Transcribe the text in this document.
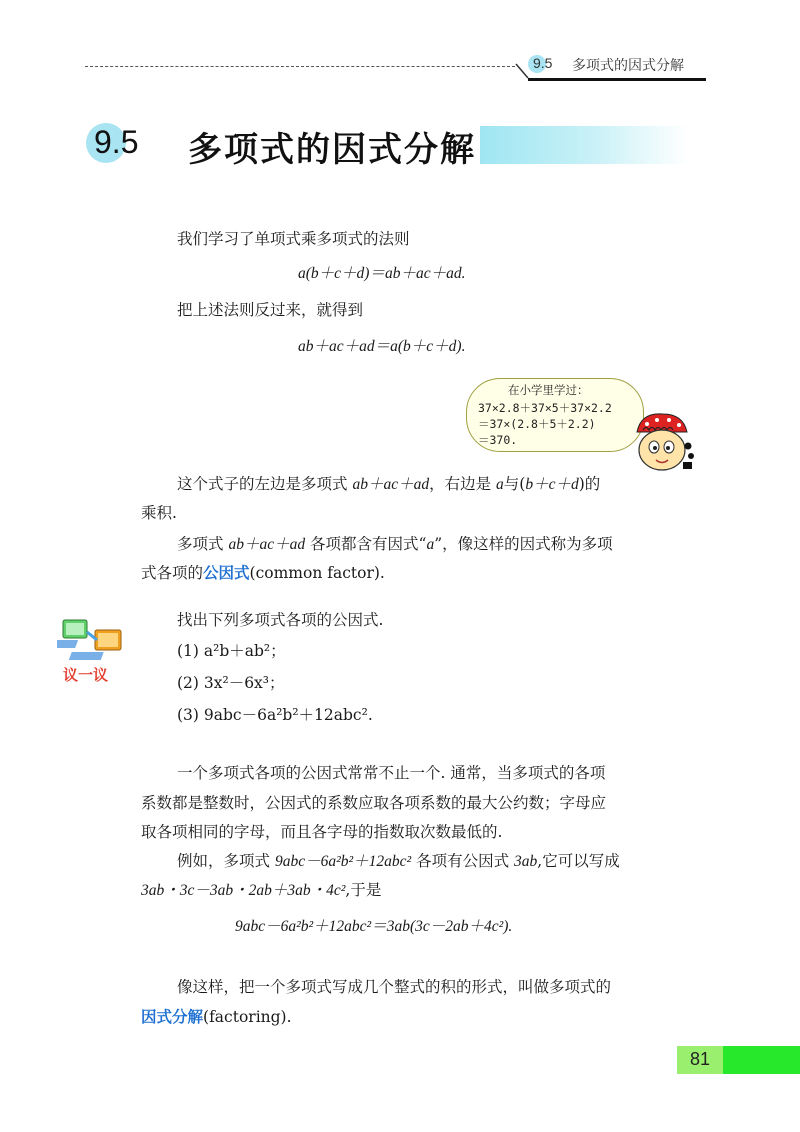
9.5 多项式的因式分解
9.5 多项式的因式分解
我们学习了单项式乘多项式的法则
a(b＋c＋d)＝ab＋ac＋ad.
把上述法则反过来，就得到
ab＋ac＋ad＝a(b＋c＋d).
在小学里学过：
37×2.8＋37×5＋37×2.2
＝37×(2.8＋5＋2.2)
＝370.
这个式子的左边是多项式 ab＋ac＋ad，右边是 a与(b＋c＋d)的
乘积.
多项式 ab＋ac＋ad 各项都含有因式“a”，像这样的因式称为多项
式各项的公因式(common factor).
议一议
找出下列多项式各项的公因式.
(1) a²b＋ab²；
(2) 3x²－6x³；
(3) 9abc－6a²b²＋12abc².
一个多项式各项的公因式常常不止一个. 通常，当多项式的各项
系数都是整数时，公因式的系数应取各项系数的最大公约数；字母应
取各项相同的字母，而且各字母的指数取次数最低的.
例如，多项式 9abc－6a²b²＋12abc² 各项有公因式 3ab,它可以写成
3ab・3c－3ab・2ab＋3ab・4c²,于是
9abc－6a²b²＋12abc²＝3ab(3c－2ab＋4c²).
像这样，把一个多项式写成几个整式的积的形式，叫做多项式的
因式分解(factoring).
81
